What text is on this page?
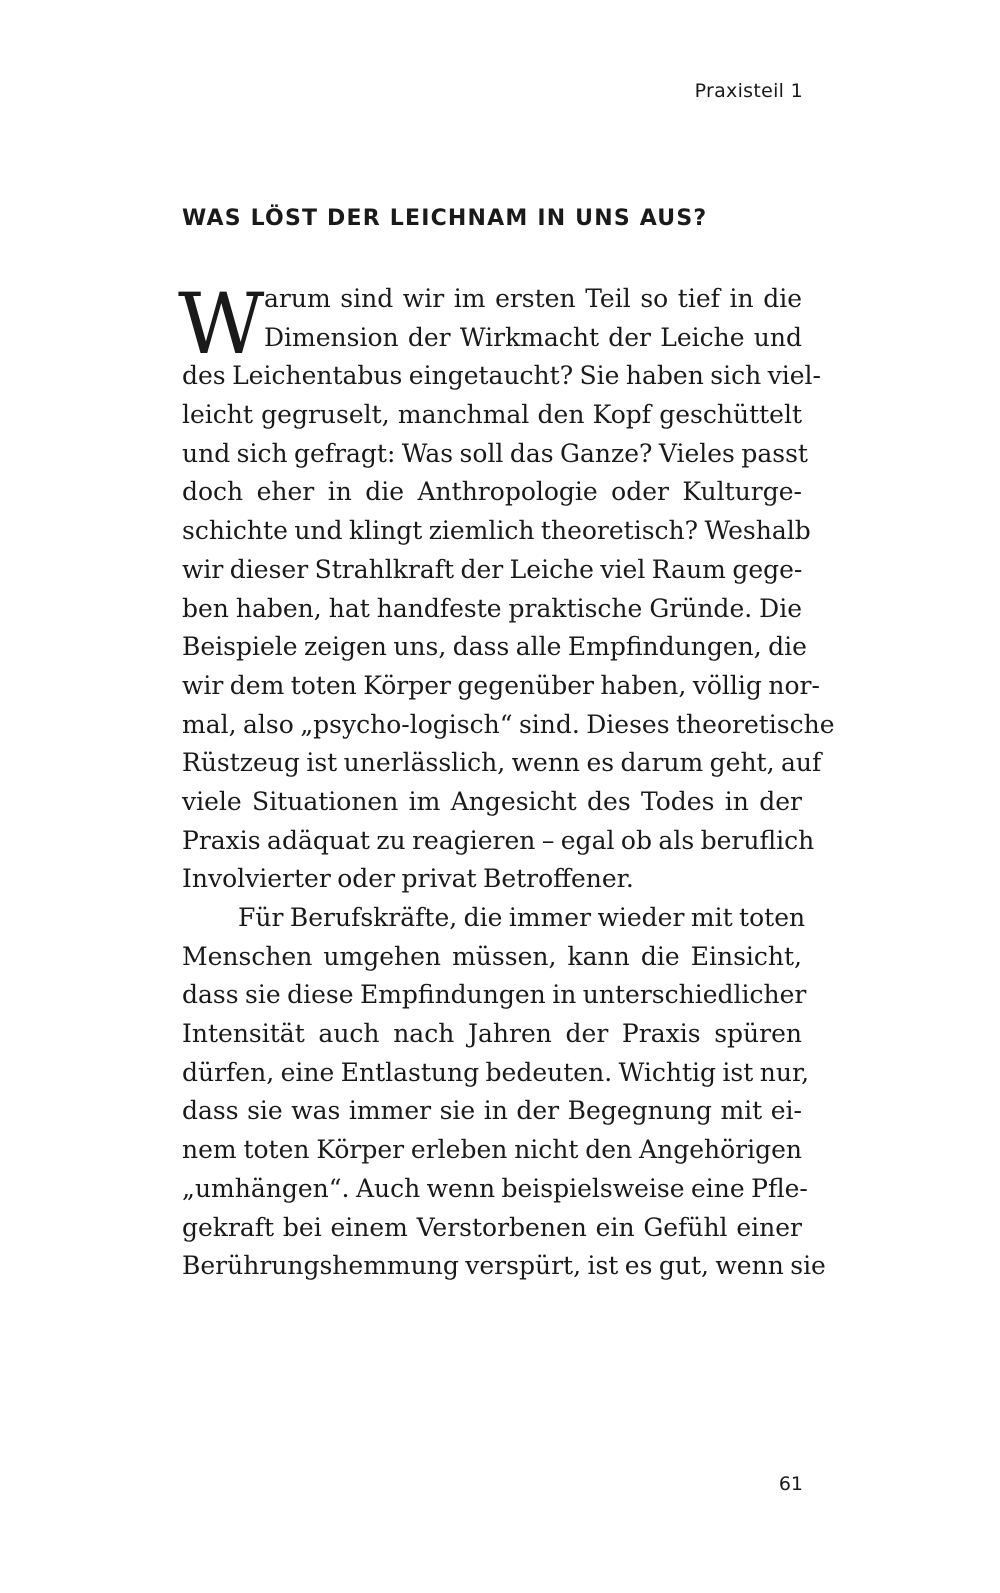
Praxisteil 1
WAS LÖST DER LEICHNAM IN UNS AUS?
W arum sind wir im ersten Teil so tief in die
Dimension der Wirkmacht der Leiche und
des Leichentabus eingetaucht? Sie haben sich viel-
leicht gegruselt, manchmal den Kopf geschüttelt
und sich gefragt: Was soll das Ganze? Vieles passt
doch eher in die Anthropologie oder Kulturge-
schichte und klingt ziemlich theoretisch? Weshalb
wir dieser Strahlkraft der Leiche viel Raum gege-
ben haben, hat handfeste praktische Gründe. Die
Beispiele zeigen uns, dass alle Empfindungen, die
wir dem toten Körper gegenüber haben, völlig nor-
mal, also „psycho-logisch“ sind. Dieses theoretische
Rüstzeug ist unerlässlich, wenn es darum geht, auf
viele Situationen im Angesicht des Todes in der
Praxis adäquat zu reagieren – egal ob als beruflich
Involvierter oder privat Betroffener.
Für Berufskräfte, die immer wieder mit toten
Menschen umgehen müssen, kann die Einsicht,
dass sie diese Empfindungen in unterschiedlicher
Intensität auch nach Jahren der Praxis spüren
dürfen, eine Entlastung bedeuten. Wichtig ist nur,
dass sie was immer sie in der Begegnung mit ei-
nem toten Körper erleben nicht den Angehörigen
„umhängen“. Auch wenn beispielsweise eine Pfle-
gekraft bei einem Verstorbenen ein Gefühl einer
Berührungshemmung verspürt, ist es gut, wenn sie
61
